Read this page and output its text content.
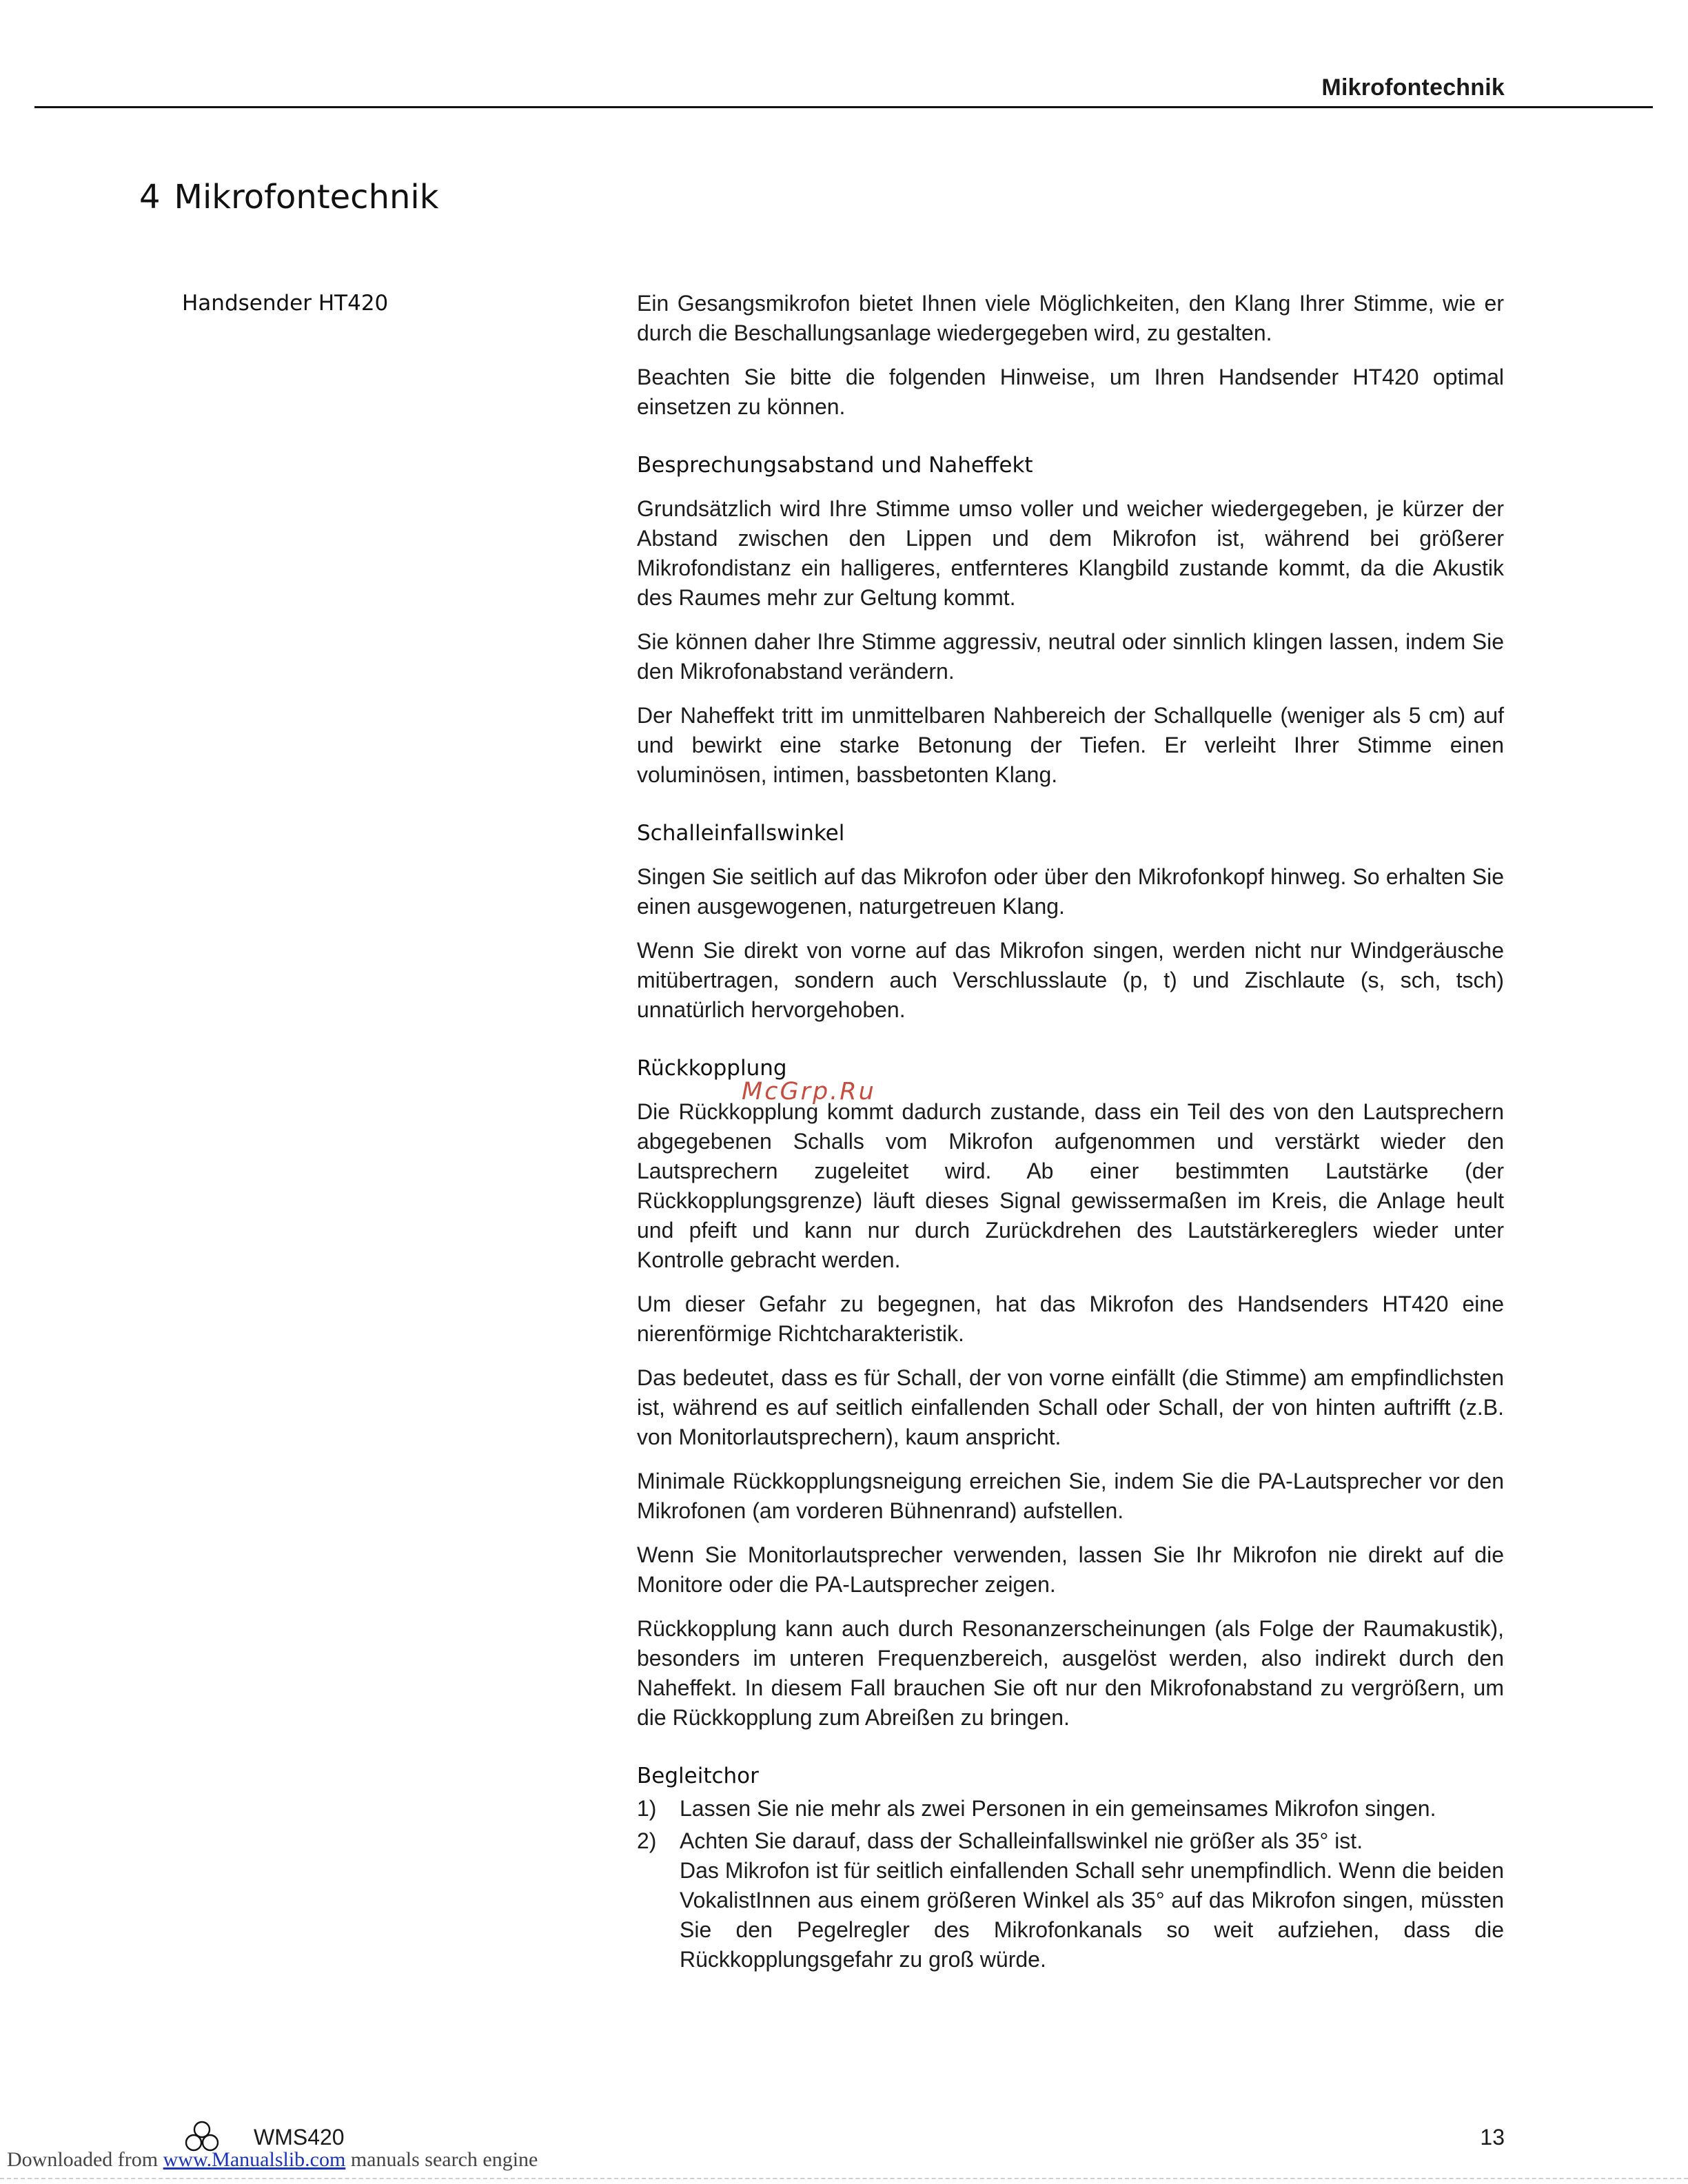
Mikrofontechnik
4 Mikrofontechnik
Handsender HT420	Ein Gesangsmikrofon bietet Ihnen viele Möglichkeiten, den Klang Ihrer Stimme, wie er durch die Beschallungsanlage wiedergegeben wird, zu gestalten.

Beachten Sie bitte die folgenden Hinweise, um Ihren Handsender HT420 optimal einsetzen zu können.

Besprechungsabstand und Naheffekt

Grundsätzlich wird Ihre Stimme umso voller und weicher wiedergegeben, je kürzer der Abstand zwischen den Lippen und dem Mikrofon ist, während bei größerer Mikrofondistanz ein halligeres, entfernteres Klangbild zustande kommt, da die Akustik des Raumes mehr zur Geltung kommt.

Sie können daher Ihre Stimme aggressiv, neutral oder sinnlich klingen lassen, indem Sie den Mikrofonabstand verändern.

Der Naheffekt tritt im unmittelbaren Nahbereich der Schallquelle (weniger als 5 cm) auf und bewirkt eine starke Betonung der Tiefen. Er verleiht Ihrer Stimme einen voluminösen, intimen, bassbetonten Klang.

Schalleinfallswinkel

Singen Sie seitlich auf das Mikrofon oder über den Mikrofonkopf hinweg. So erhalten Sie einen ausgewogenen, naturgetreuen Klang.

Wenn Sie direkt von vorne auf das Mikrofon singen, werden nicht nur Windgeräusche mitübertragen, sondern auch Verschlusslaute (p, t) und Zischlaute (s, sch, tsch) unnatürlich hervorgehoben.

Rückkopplung

Die Rückkopplung kommt dadurch zustande, dass ein Teil des von den Lautsprechern abgegebenen Schalls vom Mikrofon aufgenommen und verstärkt wieder den Lautsprechern zugeleitet wird. Ab einer bestimmten Lautstärke (der Rückkopplungsgrenze) läuft dieses Signal gewissermaßen im Kreis, die Anlage heult und pfeift und kann nur durch Zurückdrehen des Lautstärkereglers wieder unter Kontrolle gebracht werden.

Um dieser Gefahr zu begegnen, hat das Mikrofon des Handsenders HT420 eine nierenförmige Richtcharakteristik.

Das bedeutet, dass es für Schall, der von vorne einfällt (die Stimme) am empfindlichsten ist, während es auf seitlich einfallenden Schall oder Schall, der von hinten auftrifft (z.B. von Monitorlautsprechern), kaum anspricht.

Minimale Rückkopplungsneigung erreichen Sie, indem Sie die PA-Lautsprecher vor den Mikrofonen (am vorderen Bühnenrand) aufstellen.

Wenn Sie Monitorlautsprecher verwenden, lassen Sie Ihr Mikrofon nie direkt auf die Monitore oder die PA-Lautsprecher zeigen.

Rückkopplung kann auch durch Resonanzerscheinungen (als Folge der Raumakustik), besonders im unteren Frequenzbereich, ausgelöst werden, also indirekt durch den Naheffekt. In diesem Fall brauchen Sie oft nur den Mikrofonabstand zu vergrößern, um die Rückkopplung zum Abreißen zu bringen.

Begleitchor
1) Lassen Sie nie mehr als zwei Personen in ein gemeinsames Mikrofon singen.
2) Achten Sie darauf, dass der Schalleinfallswinkel nie größer als 35° ist.
Das Mikrofon ist für seitlich einfallenden Schall sehr unempfindlich. Wenn die beiden VokalistInnen aus einem größeren Winkel als 35° auf das Mikrofon singen, müssten Sie den Pegelregler des Mikrofonkanals so weit aufziehen, dass die Rückkopplungsgefahr zu groß würde.
McGrp.Ru
WMS420	13
Downloaded from www.Manualslib.com manuals search engine
